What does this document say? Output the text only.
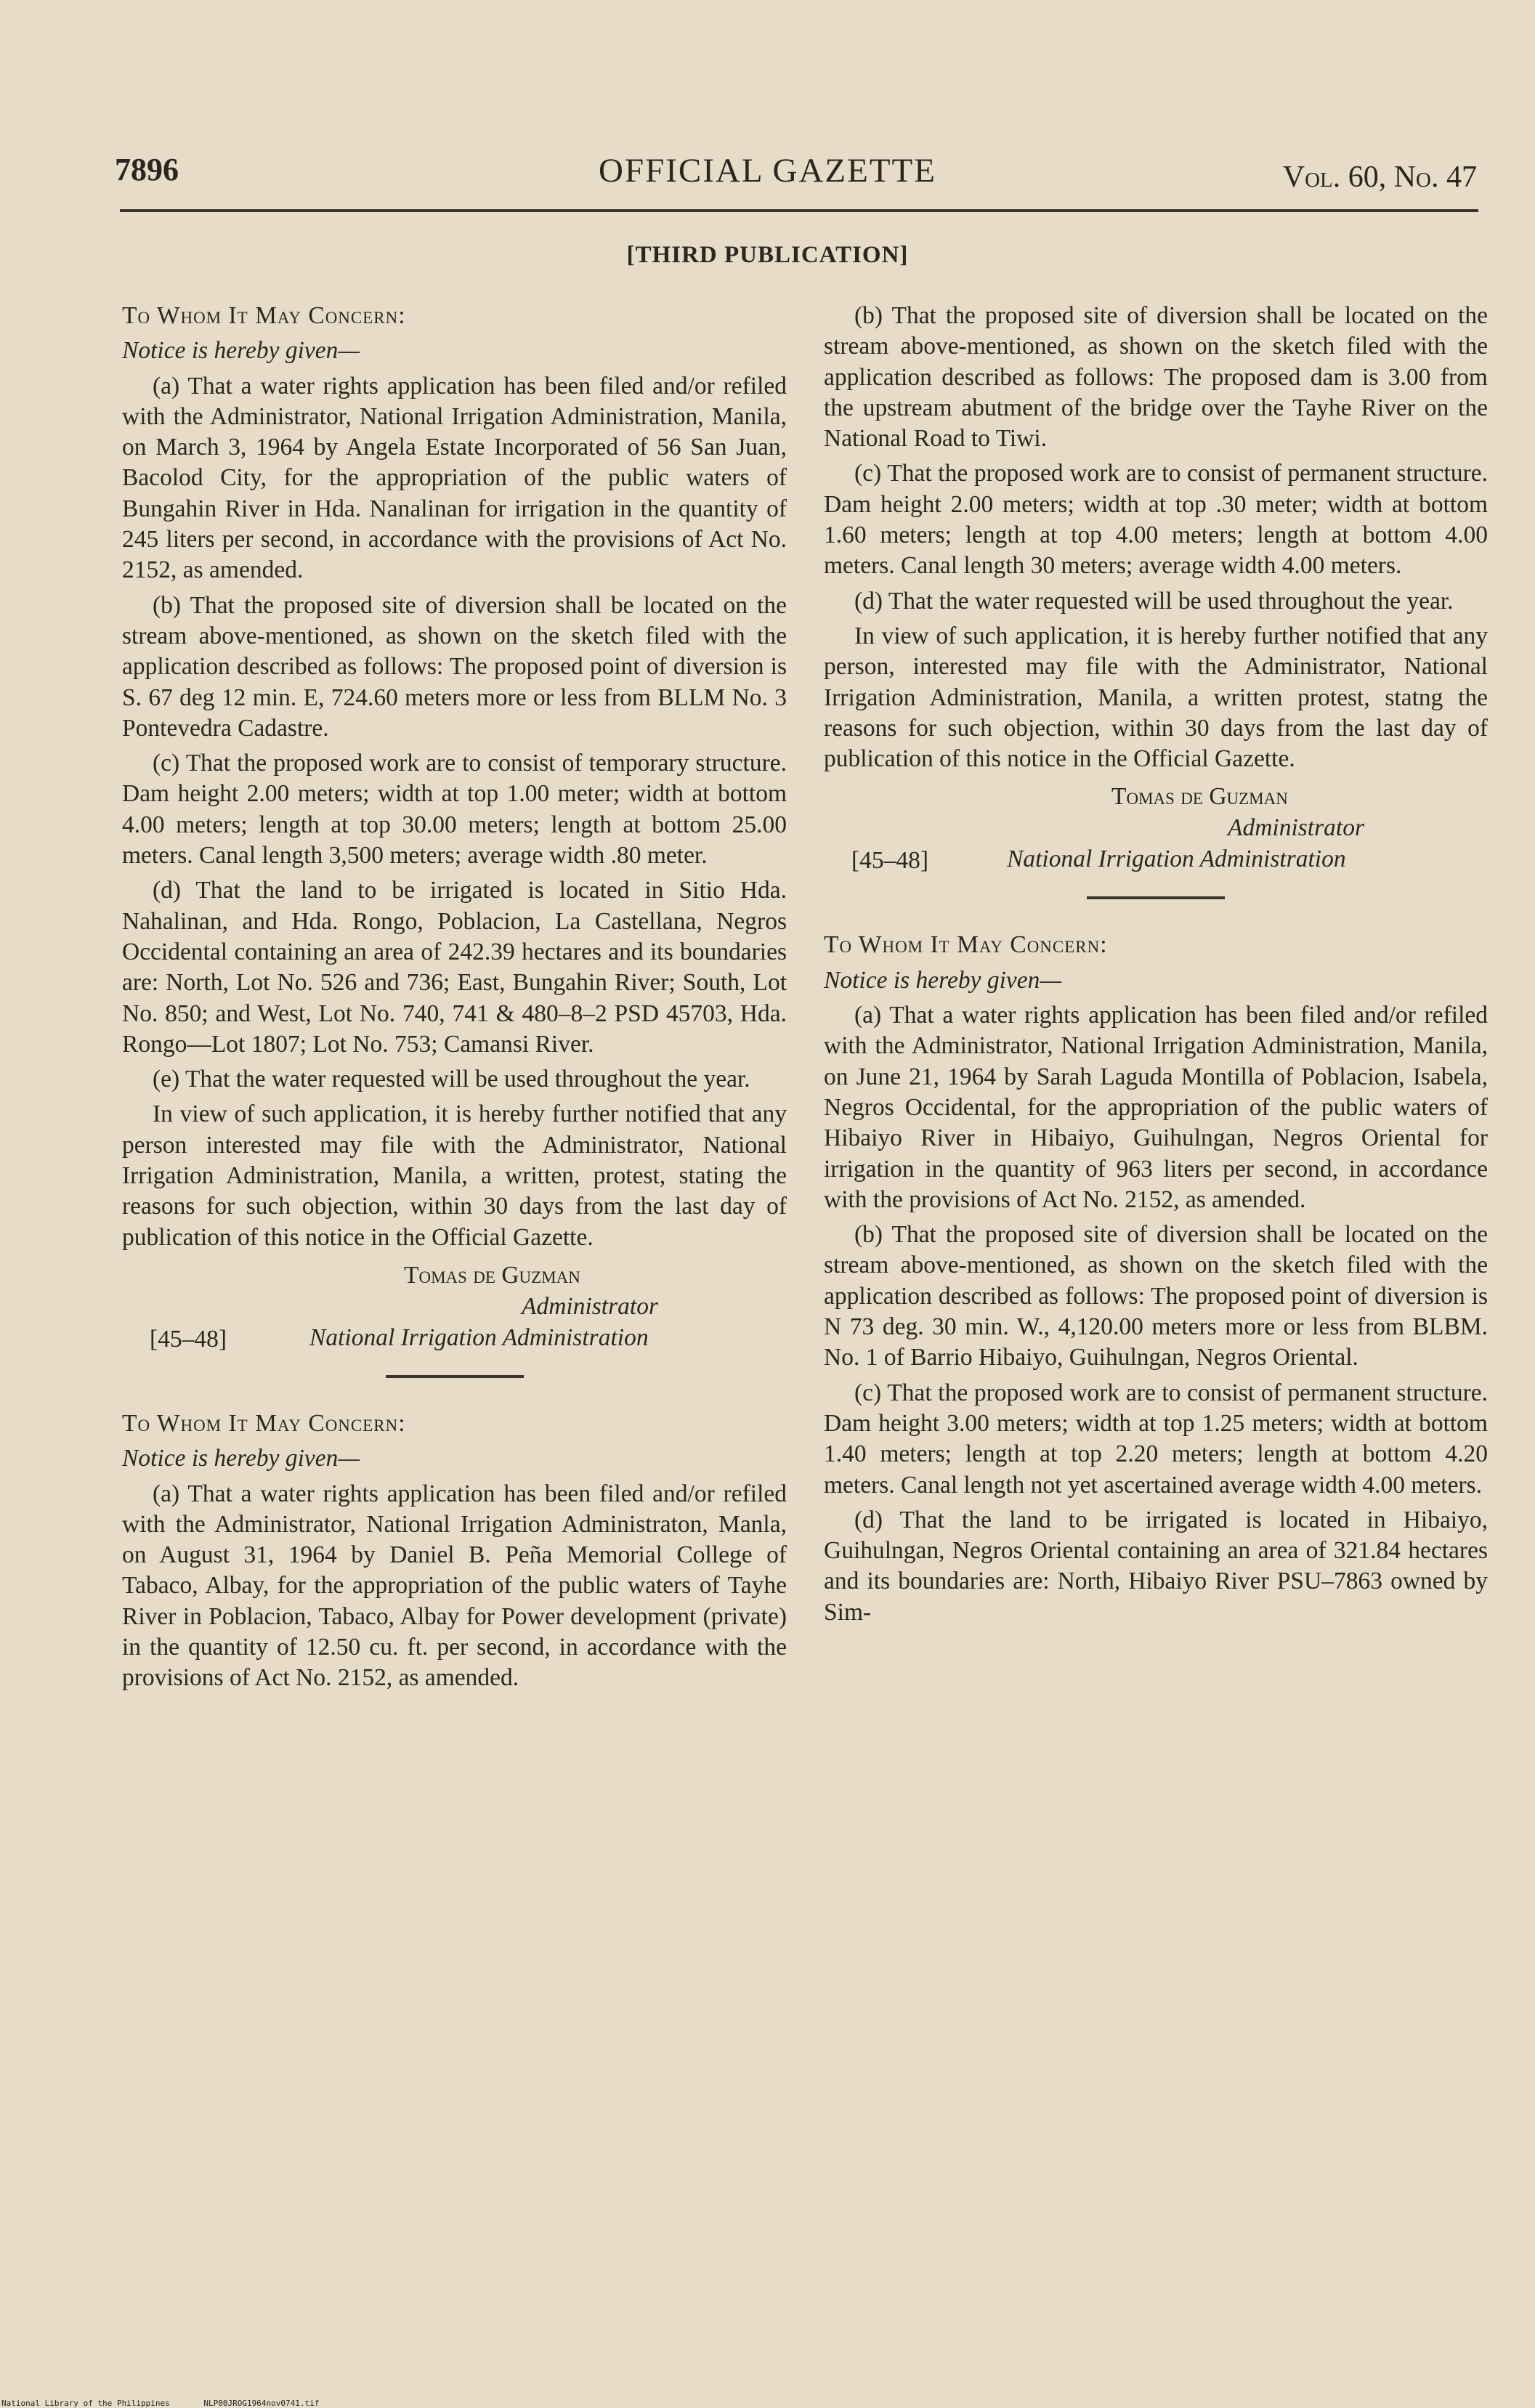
7896	OFFICIAL GAZETTE	Vol. 60, No. 47
[THIRD PUBLICATION]

To Whom It May Concern:

Notice is hereby given—

(a) That a water rights application has been filed and/or refiled with the Administrator, National Irrigation Administration, Manila, on March 3, 1964 by Angela Estate Incorporated of 56 San Juan, Bacolod City, for the appropriation of the public waters of Bungahin River in Hda. Nanalinan for irrigation in the quantity of 245 liters per second, in accordance with the provisions of Act No. 2152, as amended.

(b) That the proposed site of diversion shall be located on the stream above-mentioned, as shown on the sketch filed with the application described as follows: The proposed point of diversion is S. 67 deg 12 min. E, 724.60 meters more or less from BLLM No. 3 Pontevedra Cadastre.

(c) That the proposed work are to consist of temporary structure. Dam height 2.00 meters; width at top 1.00 meter; width at bottom 4.00 meters; length at top 30.00 meters; length at bottom 25.00 meters. Canal length 3,500 meters; average width .80 meter.

(d) That the land to be irrigated is located in Sitio Hda. Nahalinan, and Hda. Rongo, Poblacion, La Castellana, Negros Occidental containing an area of 242.39 hectares and its boundaries are: North, Lot No. 526 and 736; East, Bungahin River; South, Lot No. 850; and West, Lot No. 740, 741 & 480–8–2 PSD 45703, Hda. Rongo—Lot 1807; Lot No. 753; Camansi River.

(e) That the water requested will be used throughout the year.

In view of such application, it is hereby further notified that any person interested may file with the Administrator, National Irrigation Administration, Manila, a written, protest, stating the reasons for such objection, within 30 days from the last day of publication of this notice in the Official Gazette.

Tomas de Guzman
Administrator
[45–48]	National Irrigation Administration

To Whom It May Concern:

Notice is hereby given—

(a) That a water rights application has been filed and/or refiled with the Administrator, National Irrigation Administraton, Manla, on August 31, 1964 by Daniel B. Peña Memorial College of Tabaco, Albay, for the appropriation of the public waters of Tayhe River in Poblacion, Tabaco, Albay for Power development (private) in the quantity of 12.50 cu. ft. per second, in accordance with the provisions of Act No. 2152, as amended.

(b) That the proposed site of diversion shall be located on the stream above-mentioned, as shown on the sketch filed with the application described as follows: The proposed dam is 3.00 from the upstream abutment of the bridge over the Tayhe River on the National Road to Tiwi.

(c) That the proposed work are to consist of permanent structure. Dam height 2.00 meters; width at top .30 meter; width at bottom 1.60 meters; length at top 4.00 meters; length at bottom 4.00 meters. Canal length 30 meters; average width 4.00 meters.

(d) That the water requested will be used throughout the year.

In view of such application, it is hereby further notified that any person, interested may file with the Administrator, National Irrigation Administration, Manila, a written protest, statng the reasons for such objection, within 30 days from the last day of publication of this notice in the Official Gazette.

Tomas de Guzman
Administrator
[45–48]	National Irrigation Administration

To Whom It May Concern:

Notice is hereby given—

(a) That a water rights application has been filed and/or refiled with the Administrator, National Irrigation Administration, Manila, on June 21, 1964 by Sarah Laguda Montilla of Poblacion, Isabela, Negros Occidental, for the appropriation of the public waters of Hibaiyo River in Hibaiyo, Guihulngan, Negros Oriental for irrigation in the quantity of 963 liters per second, in accordance with the provisions of Act No. 2152, as amended.

(b) That the proposed site of diversion shall be located on the stream above-mentioned, as shown on the sketch filed with the application described as follows: The proposed point of diversion is N 73 deg. 30 min. W., 4,120.00 meters more or less from BLBM. No. 1 of Barrio Hibaiyo, Guihulngan, Negros Oriental.

(c) That the proposed work are to consist of permanent structure. Dam height 3.00 meters; width at top 1.25 meters; width at bottom 1.40 meters; length at top 2.20 meters; length at bottom 4.20 meters. Canal length not yet ascertained average width 4.00 meters.

(d) That the land to be irrigated is located in Hibaiyo, Guihulngan, Negros Oriental containing an area of 321.84 hectares and its boundaries are: North, Hibaiyo River PSU–7863 owned by Sim-

National Library of the Philippines	NLP00JROG1964nov0741.tif
